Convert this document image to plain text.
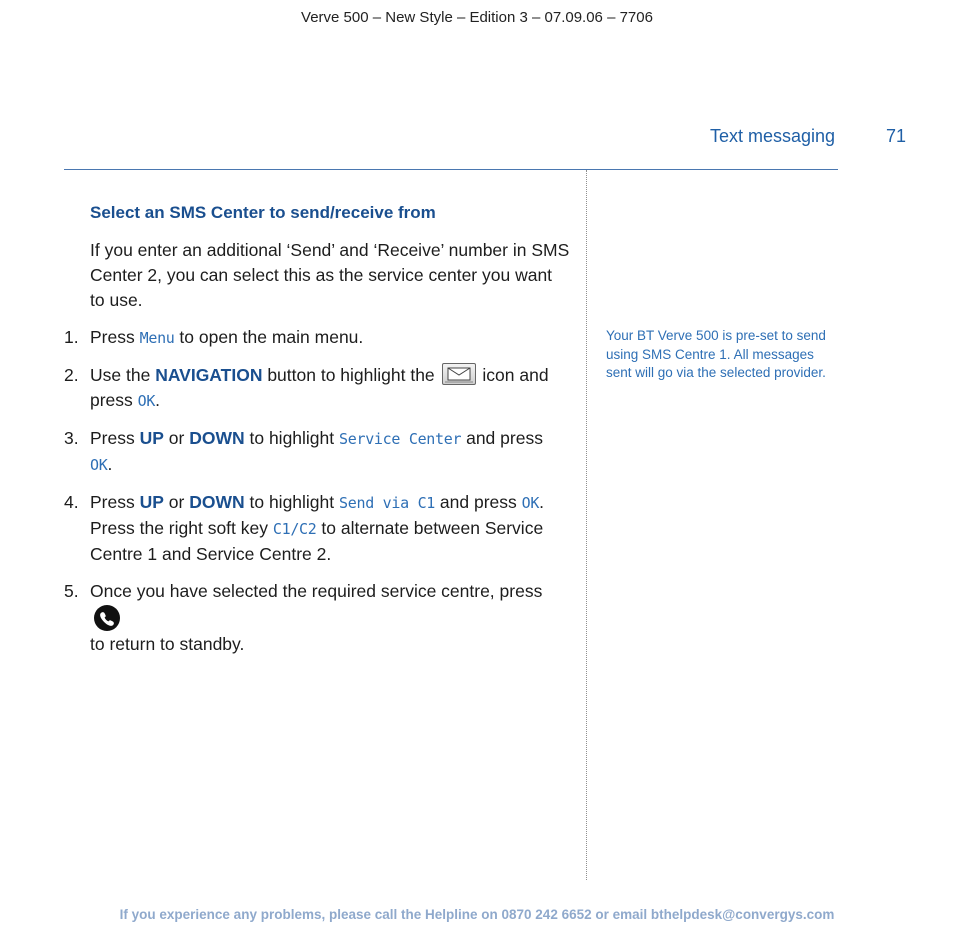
Verve 500 – New Style – Edition 3 – 07.09.06 – 7706
Text messaging	71
Select an SMS Center to send/receive from
If you enter an additional ‘Send’ and ‘Receive’ number in SMS Center 2, you can select this as the service center you want to use.
1. Press Menu to open the main menu.
2. Use the NAVIGATION button to highlight the
icon and press OK.
3. Press UP or DOWN to highlight Service Center and press OK.
4. Press UP or DOWN to highlight Send via C1 and press OK. Press the right soft key C1/C2 to alternate between Service Centre 1 and Service Centre 2.
5. Once you have selected the required service centre, press
to return to standby.
Your BT Verve 500 is pre-set to send using SMS Centre 1. All messages sent will go via the selected provider.
If you experience any problems, please call the Helpline on 0870 242 6652 or email bthelpdesk@convergys.com
